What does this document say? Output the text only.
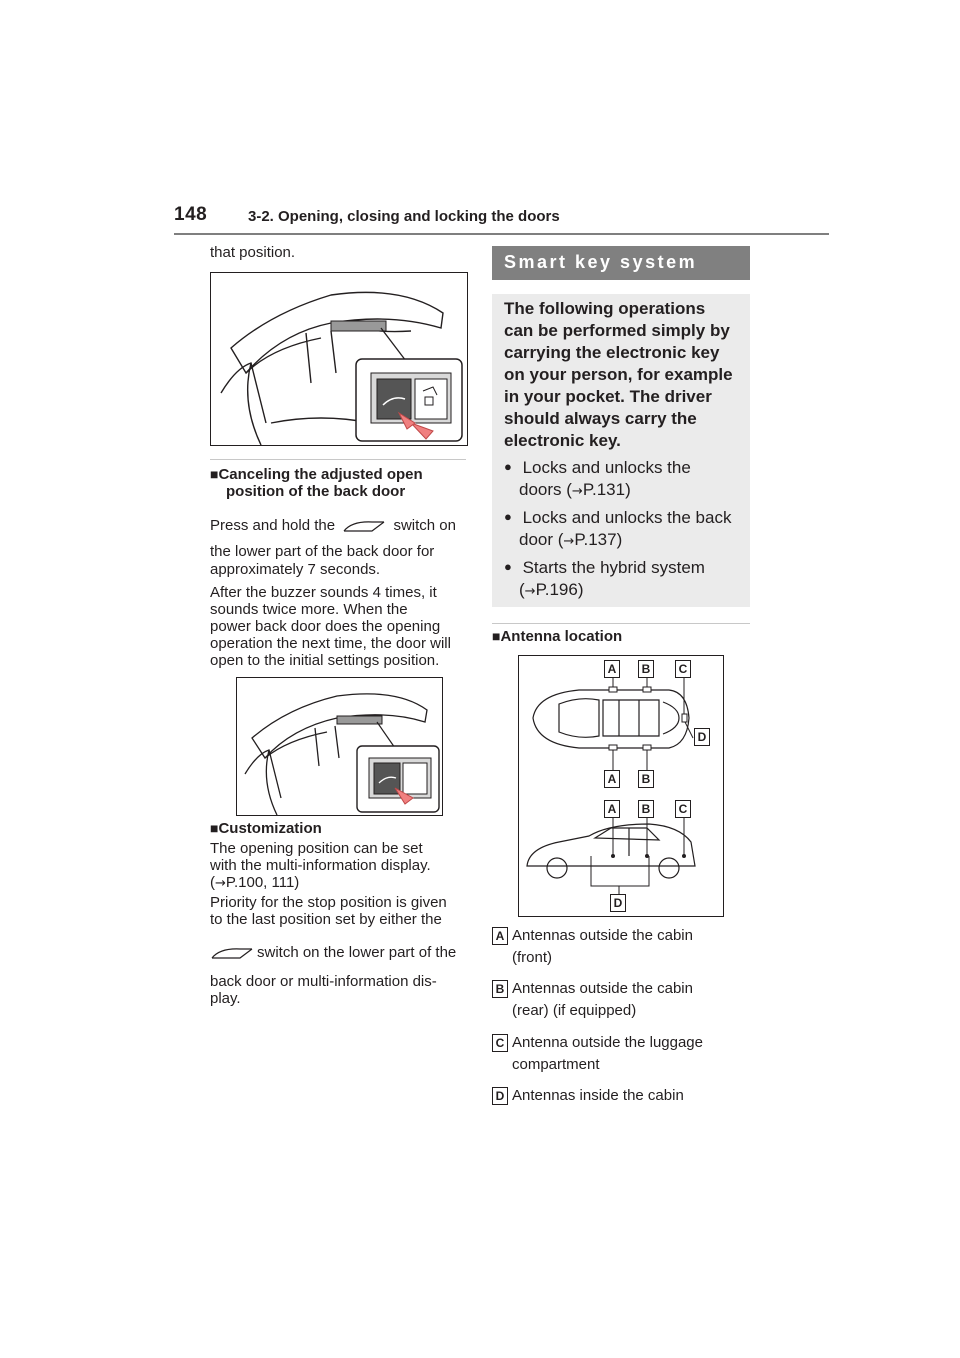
148	3-2. Opening, closing and locking the doors
that position.
■Canceling the adjusted open
position of the back door
Press and hold the	switch on
the lower part of the back door for
approximately 7 seconds.
After the buzzer sounds 4 times, it
sounds twice more. When the
power back door does the opening
operation the next time, the door will
open to the initial settings position.
■Customization
The opening position can be set
with the multi-information display.
(→P.100, 111)
Priority for the stop position is given
to the last position set by either the
switch on the lower part of the
back door or multi-information dis-
play.
Smart key system
The following operations
can be performed simply by
carrying the electronic key
on your person, for example
in your pocket. The driver
should always carry the
electronic key.
● Locks and unlocks the
doors (→P.131)
● Locks and unlocks the back
door (→P.137)
● Starts the hybrid system
(→P.196)
■Antenna location
A	B	C
D
A	B
A	B	C
D
A Antennas outside the cabin
(front)
B Antennas outside the cabin
(rear) (if equipped)
C Antenna outside the luggage
compartment
D Antennas inside the cabin
